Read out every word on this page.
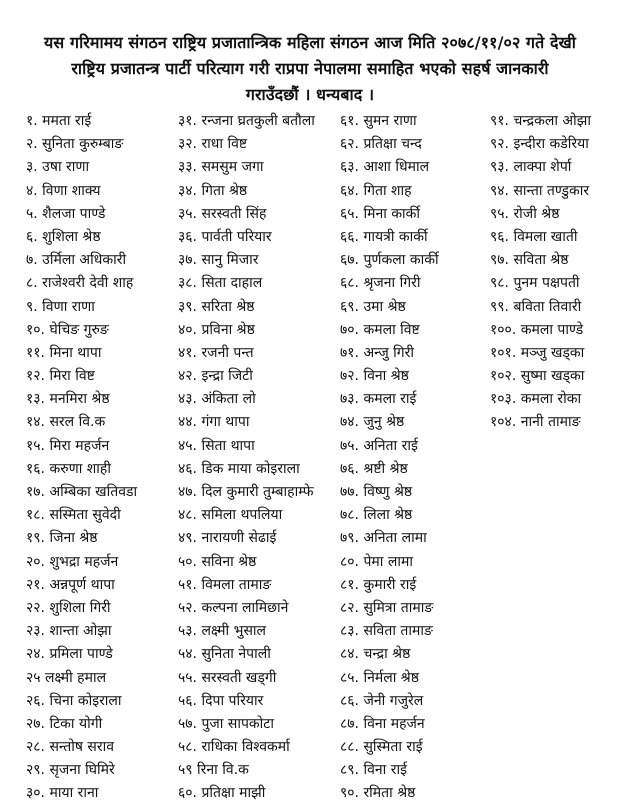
यस गरिमामय संगठन राष्ट्रिय प्रजातान्त्रिक महिला संगठन आज मिति २०७८/११/०२ गते देखी
राष्ट्रिय प्रजातन्त्र पार्टी परित्याग गरी राप्रपा नेपालमा समाहित भएको सहर्ष जानकारी
गराउँदछौं । धन्यबाद ।
१. ममता राई
२. सुनिता कुरुम्बाङ
३. उषा राणा
४. विणा शाक्य
५. शैलजा पाण्डे
६. शुशिला श्रेष्ठ
७. उर्मिला अधिकारी
८. राजेश्वरी देवी शाह
९. विणा राणा
१०. घेचिङ गुरुङ
११. मिना थापा
१२. मिरा विष्ट
१३. मनमिरा श्रेष्ठ
१४. सरल वि.क
१५. मिरा महर्जन
१६. करुणा शाही
१७. अम्बिका खतिवडा
१८. सस्मिता सुवेदी
१९. जिना श्रेष्ठ
२०. शुभद्रा महर्जन
२१. अन्नपूर्ण थापा
२२. शुशिला गिरी
२३. शान्ता ओझा
२४. प्रमिला पाण्डे
२५ लक्ष्मी हमाल
२६. चिना कोइराला
२७. टिका योगी
२८. सन्तोष सराव
२९. सृजना घिमिरे
३०. माया राना
३१. रन्जना घ्रतकुली बतौला
३२. राधा विष्ट
३३. समसुम जगा
३४. गिता श्रेष्ठ
३५. सरस्वती सिंह
३६. पार्वती परियार
३७. सानु मिजार
३८. सिता दाहाल
३९. सरिता श्रेष्ठ
४०. प्रविना श्रेष्ठ
४१. रजनी पन्त
४२. इन्द्रा जिटी
४३. अंकिता लो
४४. गंगा थापा
४५. सिता थापा
४६. डिक माया कोइराला
४७. दिल कुमारी तुम्बाहाम्फे
४८. समिला थपलिया
४९. नारायणी सेढाई
५०. सविना श्रेष्ठ
५१. विमला तामाङ
५२. कल्पना लामिछाने
५३. लक्ष्मी भुसाल
५४. सुनिता नेपाली
५५. सरस्वती खड्गी
५६. दिपा परियार
५७. पुजा सापकोटा
५८. राधिका विश्वकर्मा
५९ रिना वि.क
६०. प्रतिक्षा माझी
६१. सुमन राणा
६२. प्रतिक्षा चन्द
६३. आशा धिमाल
६४. गिता शाह
६५. मिना कार्की
६६. गायत्री कार्की
६७. पुर्णकला कार्की
६८. श्रृजना गिरी
६९. उमा श्रेष्ठ
७०. कमला विष्ट
७१. अन्जु गिरी
७२. विना श्रेष्ठ
७३. कमला राई
७४. जुनु श्रेष्ठ
७५. अनिता राई
७६. श्रष्टी श्रेष्ठ
७७. विष्णु श्रेष्ठ
७८. लिला श्रेष्ठ
७९. अनिता लामा
८०. पेमा लामा
८१. कुमारी राई
८२. सुमित्रा तामाङ
८३. सविता तामाङ
८४. चन्द्रा श्रेष्ठ
८५. निर्मला श्रेष्ठ
८६. जेनी गजुरेल
८७. विना महर्जन
८८. सुस्मिता राई
८९. विना राई
९०. रमिता श्रेष्ठ
९१. चन्द्रकला ओझा
९२. इन्दीरा कडेरिया
९३. लाक्पा शेर्पा
९४. सान्ता तण्डुकार
९५. रोजी श्रेष्ठ
९६. विमला खाती
९७. सविता श्रेष्ठ
९८. पुनम पक्षपती
९९. बविता तिवारी
१००. कमला पाण्डे
१०१. मञ्जु खड्का
१०२. सुष्मा खड्का
१०३. कमला रोका
१०४. नानी तामाङ
